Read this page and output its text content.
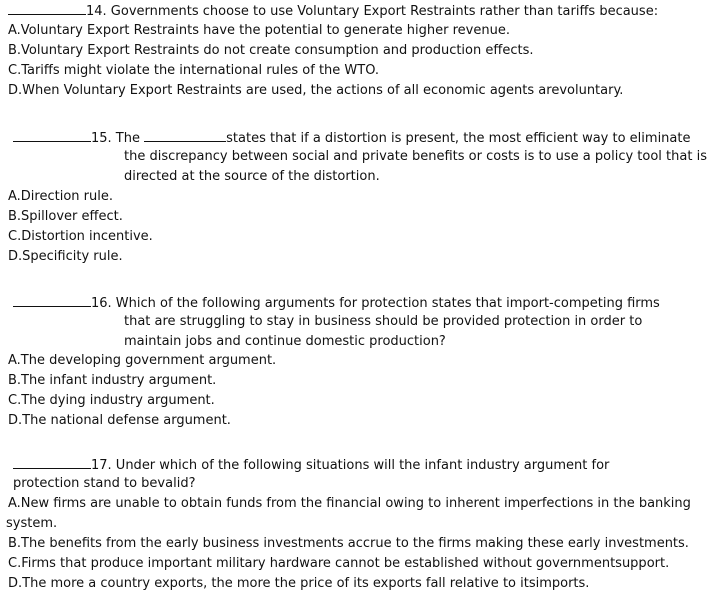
14. Governments choose to use Voluntary Export Restraints rather than tariffs because:
A.Voluntary Export Restraints have the potential to generate higher revenue.
B.Voluntary Export Restraints do not create consumption and production effects.
C.Tariffs might violate the international rules of the WTO.
D.When Voluntary Export Restraints are used, the actions of all economic agents arevoluntary.
15. The	states that if a distortion is present, the most efficient way to eliminate
the discrepancy between social and private benefits or costs is to use a policy tool that is
directed at the source of the distortion.
A.Direction rule.
B.Spillover effect.
C.Distortion incentive.
D.Specificity rule.
16. Which of the following arguments for protection states that import-competing firms
that are struggling to stay in business should be provided protection in order to
maintain jobs and continue domestic production?
A.The developing government argument.
B.The infant industry argument.
C.The dying industry argument.
D.The national defense argument.
17. Under which of the following situations will the infant industry argument for
protection stand to bevalid?
A.New firms are unable to obtain funds from the financial owing to inherent imperfections in the banking
system.
B.The benefits from the early business investments accrue to the firms making these early investments.
C.Firms that produce important military hardware cannot be established without governmentsupport.
D.The more a country exports, the more the price of its exports fall relative to itsimports.
